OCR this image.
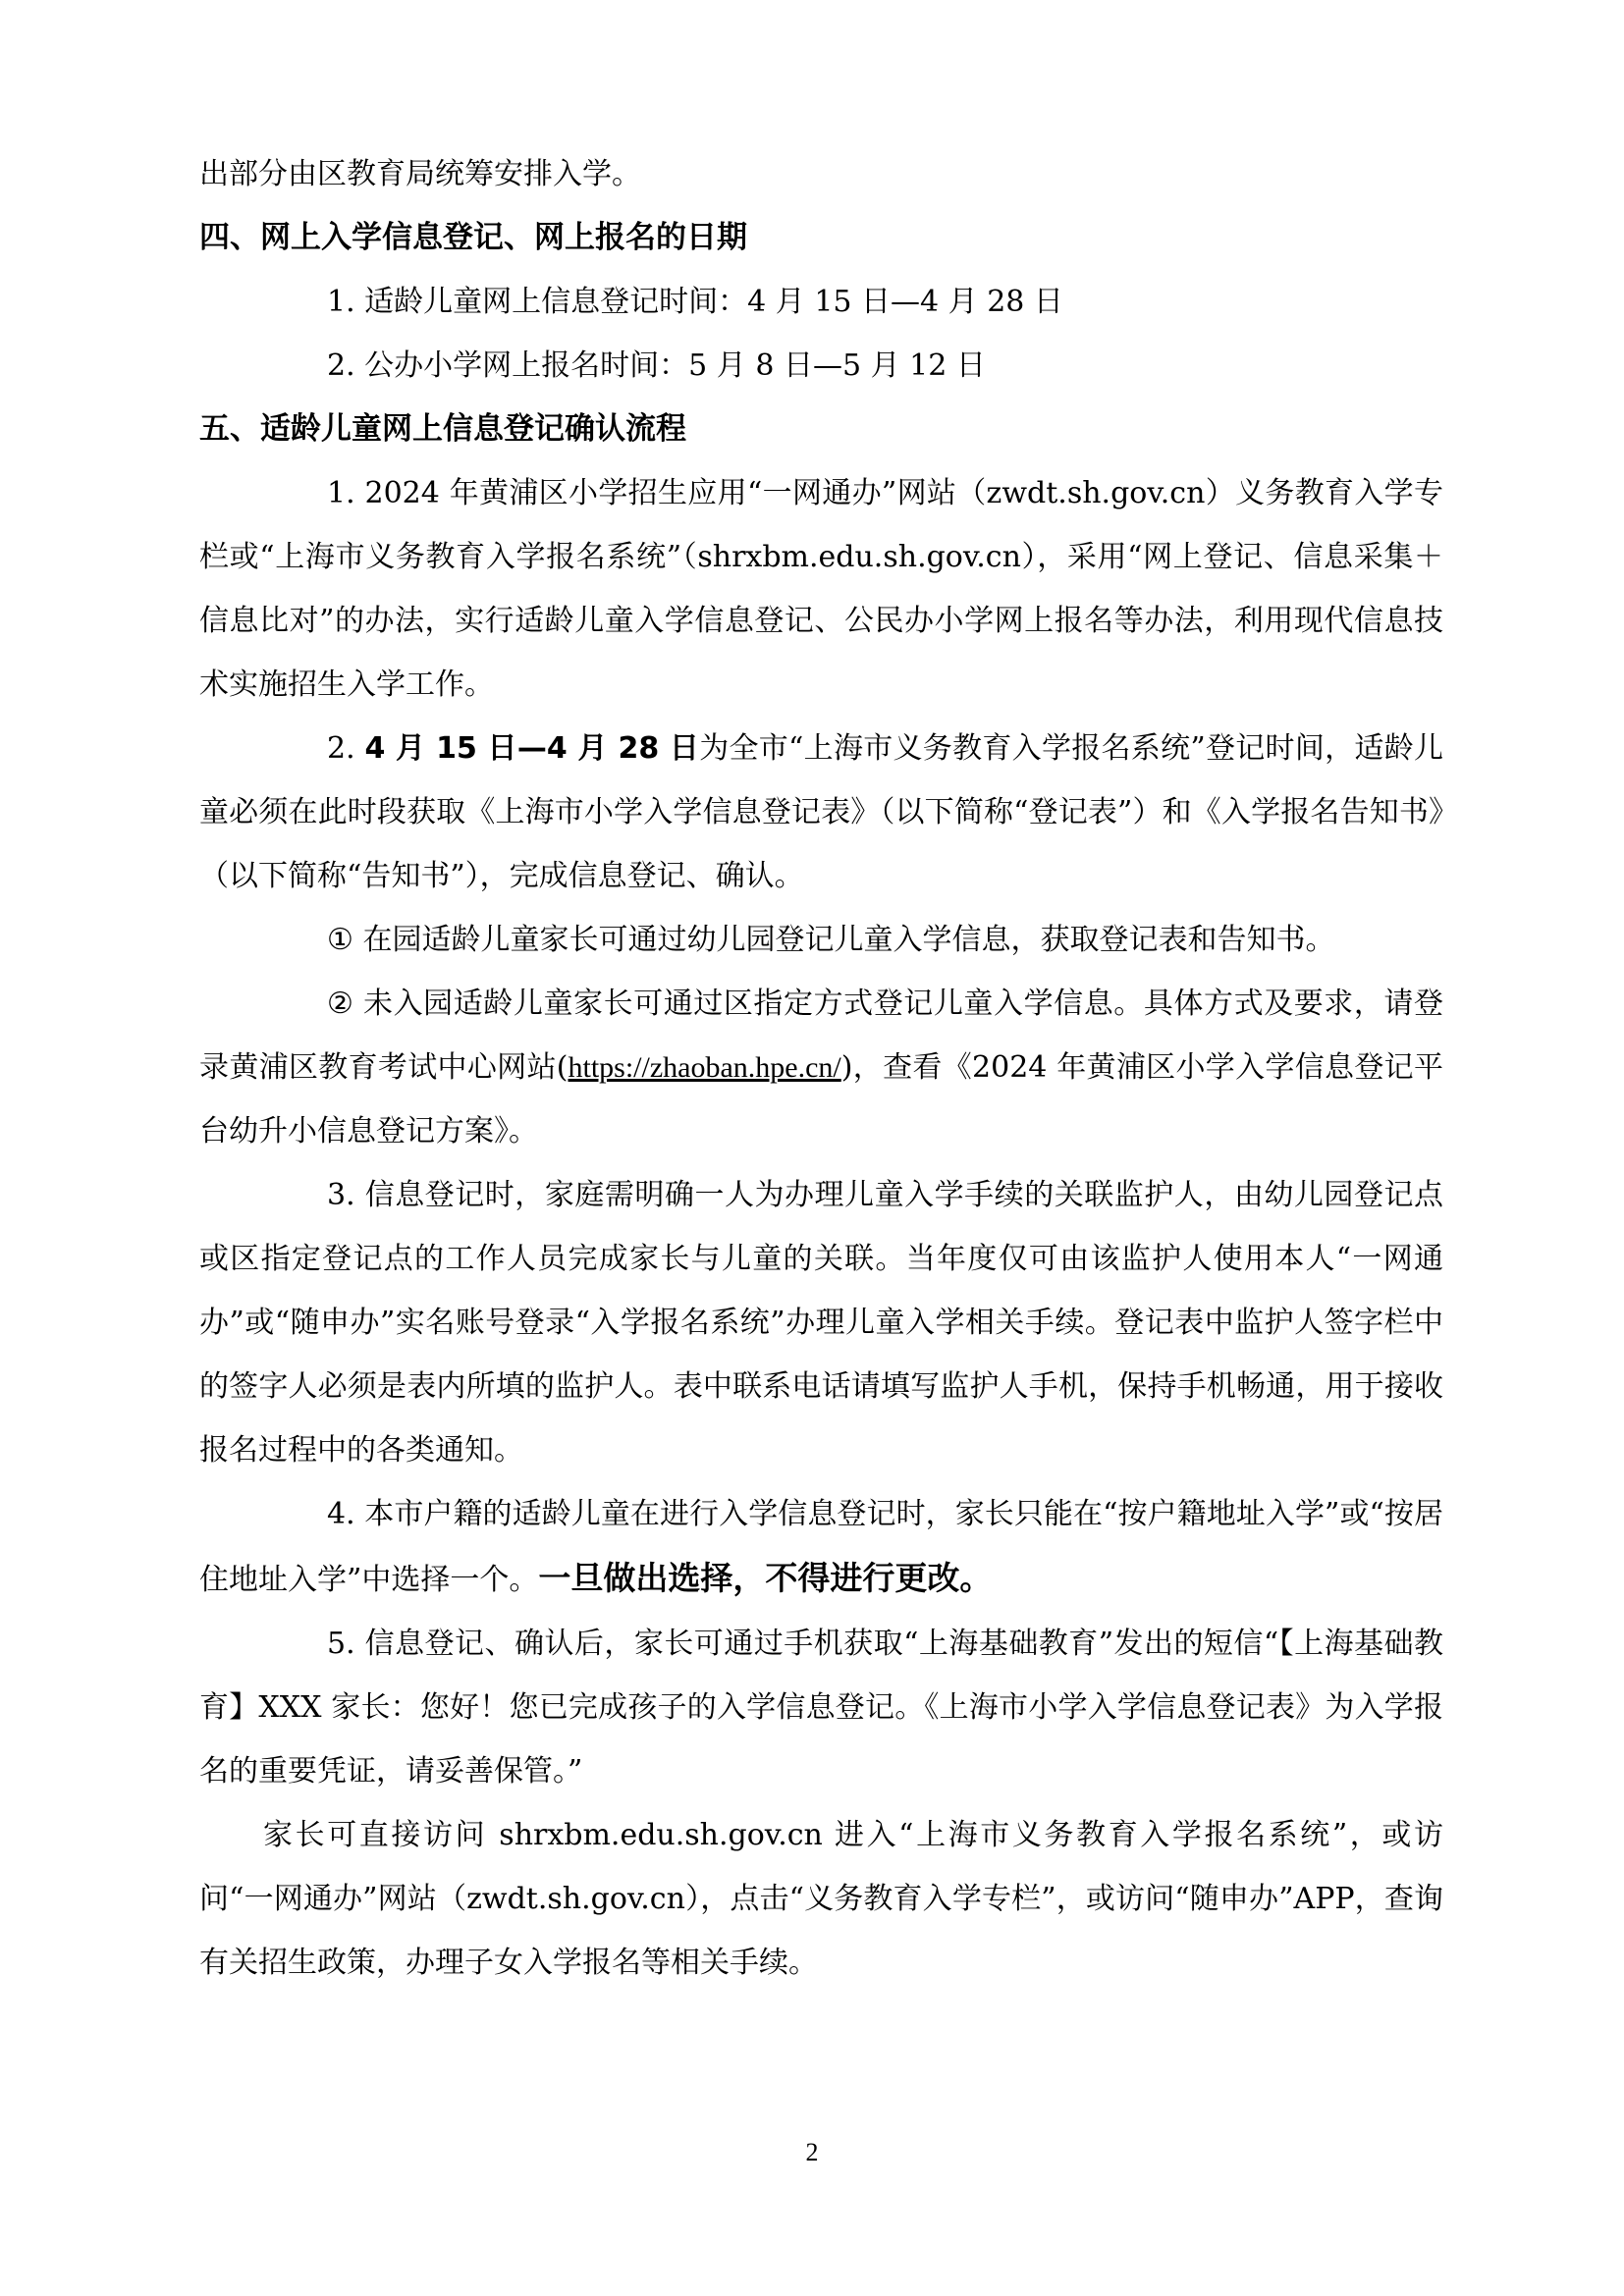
出部分由区教育局统筹安排入学。

四、网上入学信息登记、网上报名的日期

1. 适龄儿童网上信息登记时间：4 月 15 日—4 月 28 日

2. 公办小学网上报名时间：5 月 8 日—5 月 12 日

五、适龄儿童网上信息登记确认流程

1. 2024 年黄浦区小学招生应用“一网通办”网站（zwdt.sh.gov.cn）义务教育入学专栏或“上海市义务教育入学报名系统”（shrxbm.edu.sh.gov.cn），采用“网上登记、信息采集＋信息比对”的办法，实行适龄儿童入学信息登记、公民办小学网上报名等办法，利用现代信息技术实施招生入学工作。

2. 4 月 15 日—4 月 28 日为全市“上海市义务教育入学报名系统”登记时间，适龄儿童必须在此时段获取《上海市小学入学信息登记表》（以下简称“登记表”）和《入学报名告知书》（以下简称“告知书”），完成信息登记、确认。

① 在园适龄儿童家长可通过幼儿园登记儿童入学信息，获取登记表和告知书。

② 未入园适龄儿童家长可通过区指定方式登记儿童入学信息。具体方式及要求，请登录黄浦区教育考试中心网站(https://zhaoban.hpe.cn/)，查看《2024 年黄浦区小学入学信息登记平台幼升小信息登记方案》。

3. 信息登记时，家庭需明确一人为办理儿童入学手续的关联监护人，由幼儿园登记点或区指定登记点的工作人员完成家长与儿童的关联。当年度仅可由该监护人使用本人“一网通办”或“随申办”实名账号登录“入学报名系统”办理儿童入学相关手续。登记表中监护人签字栏中的签字人必须是表内所填的监护人。表中联系电话请填写监护人手机，保持手机畅通，用于接收报名过程中的各类通知。

4. 本市户籍的适龄儿童在进行入学信息登记时，家长只能在“按户籍地址入学”或“按居住地址入学”中选择一个。一旦做出选择，不得进行更改。

5. 信息登记、确认后，家长可通过手机获取“上海基础教育”发出的短信“【上海基础教育】XXX 家长：您好！您已完成孩子的入学信息登记。《上海市小学入学信息登记表》为入学报名的重要凭证，请妥善保管。”

家长可直接访问 shrxbm.edu.sh.gov.cn 进入“上海市义务教育入学报名系统”，或访问“一网通办”网站（zwdt.sh.gov.cn），点击“义务教育入学专栏”，或访问“随申办”APP，查询有关招生政策，办理子女入学报名等相关手续。

2
